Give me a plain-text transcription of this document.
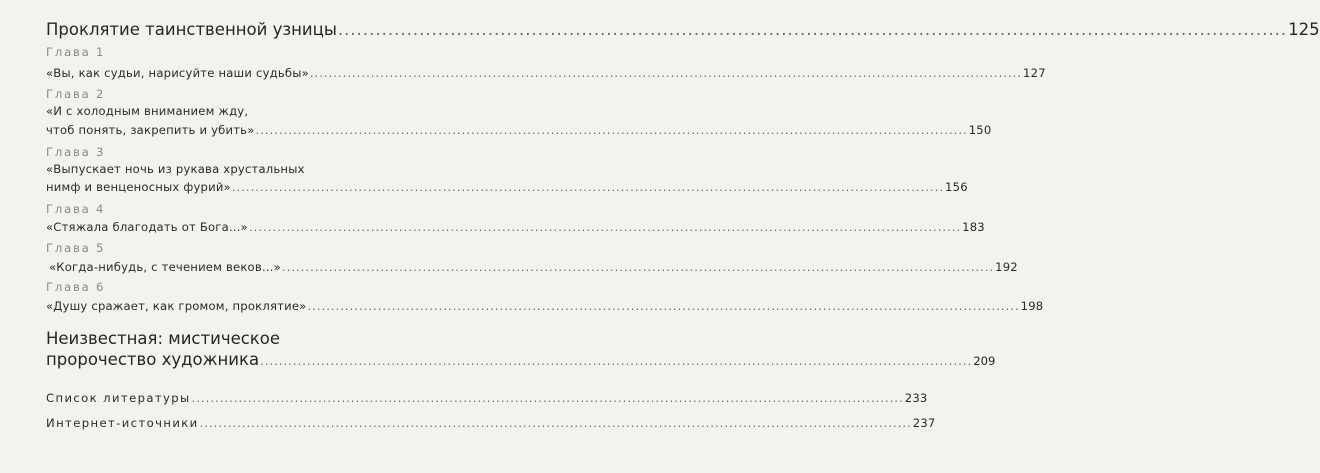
Проклятие таинственной узницы .....	125
Глава 1
«Вы, как судьи, нарисуйте наши судьбы» .....	127
Глава 2
«И с холодным вниманием жду,
чтоб понять, закрепить и убить» .....	150
Глава 3
«Выпускает ночь из рукава хрустальных
нимф и венценосных фурий» .....	156
Глава 4
«Стяжала благодать от Бога…» .....	183
Глава 5
«Когда-нибудь, с течением веков…» .....	192
Глава 6
«Душу сражает, как громом, проклятие» .....	198
Неизвестная: мистическое
пророчество художника .....	209
Список литературы .....	233
Интернет-источники .....	237
